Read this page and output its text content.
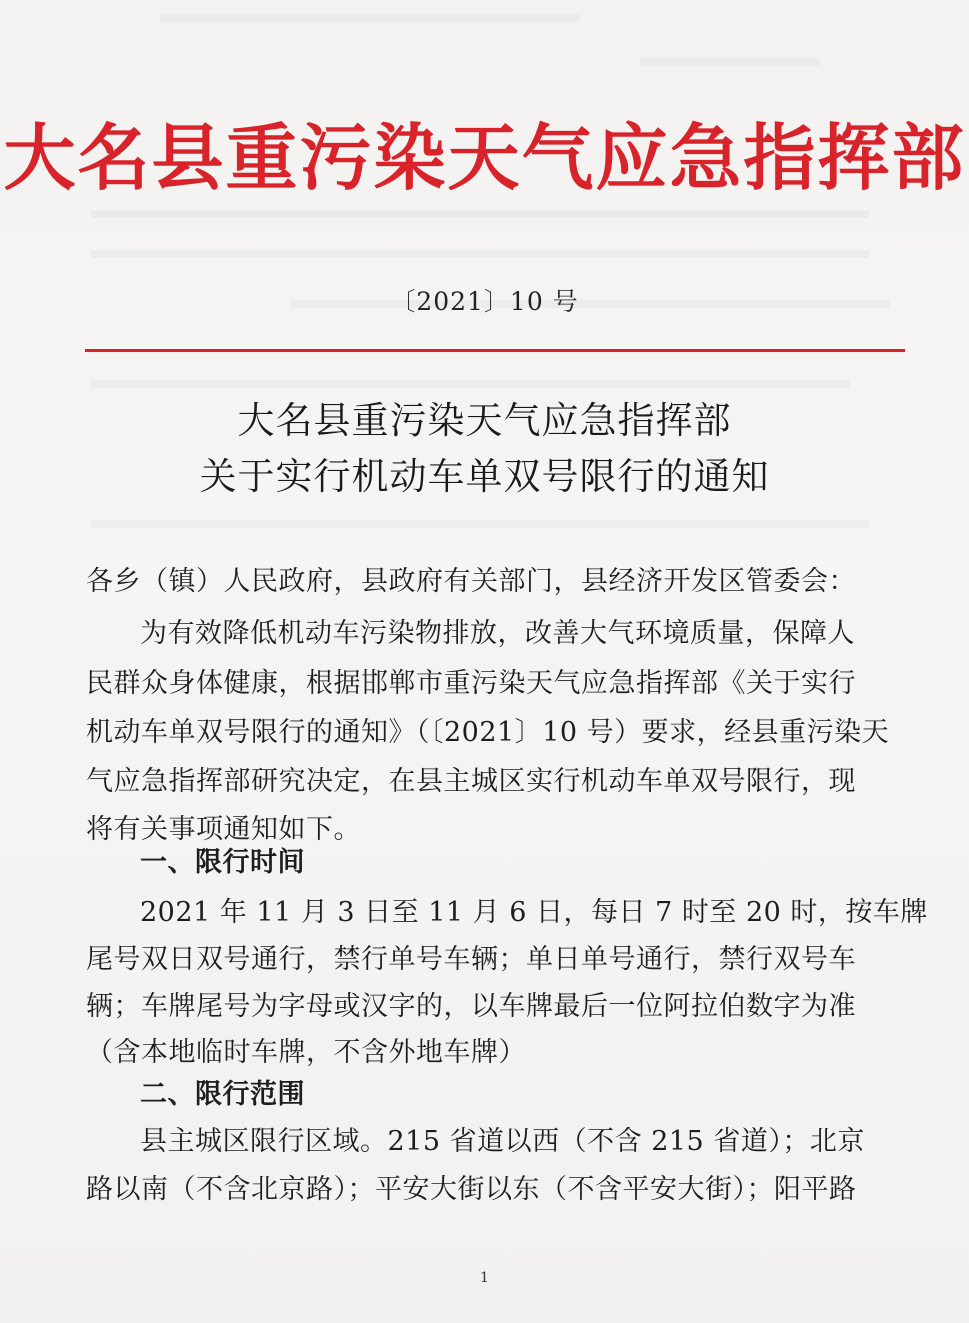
大名县重污染天气应急指挥部
〔2021〕10 号
大名县重污染天气应急指挥部
关于实行机动车单双号限行的通知
各乡（镇）人民政府，县政府有关部门，县经济开发区管委会：
为有效降低机动车污染物排放，改善大气环境质量，保障人
民群众身体健康，根据邯郸市重污染天气应急指挥部《关于实行
机动车单双号限行的通知》（〔2021〕10 号）要求，经县重污染天
气应急指挥部研究决定，在县主城区实行机动车单双号限行，现
将有关事项通知如下。
一、限行时间
2021 年 11 月 3 日至 11 月 6 日，每日 7 时至 20 时，按车牌
尾号双日双号通行，禁行单号车辆；单日单号通行，禁行双号车
辆；车牌尾号为字母或汉字的，以车牌最后一位阿拉伯数字为准
（含本地临时车牌，不含外地车牌）
二、限行范围
县主城区限行区域。215 省道以西（不含 215 省道）；北京
路以南（不含北京路）；平安大街以东（不含平安大街）；阳平路
1
